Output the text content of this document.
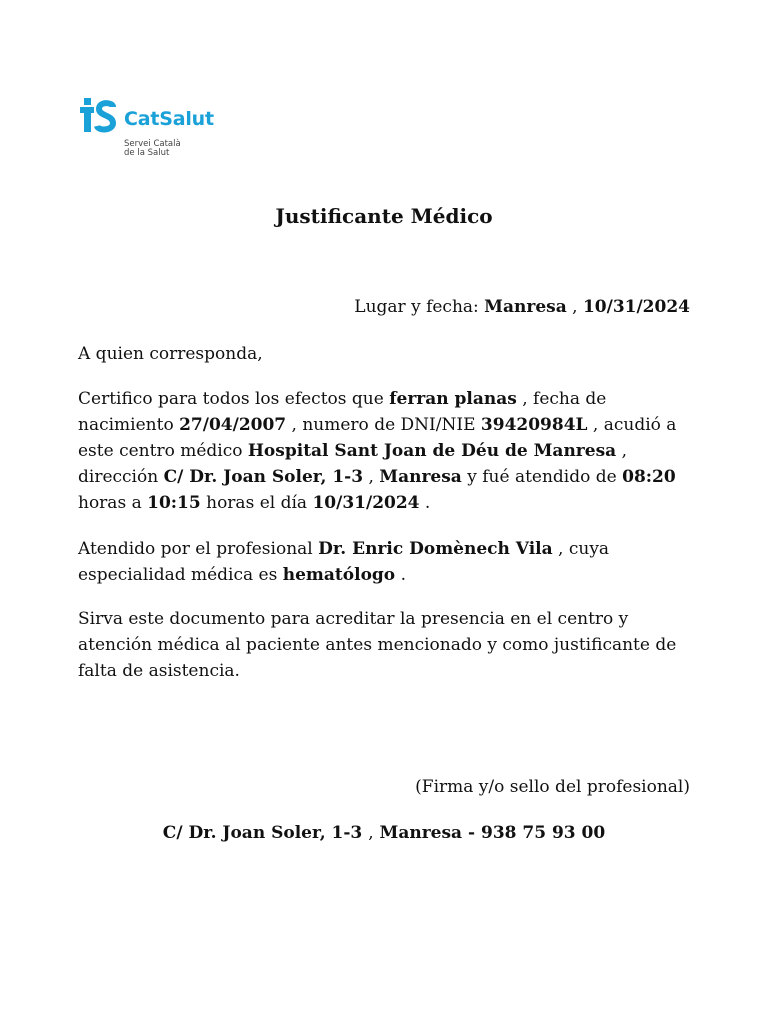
CatSalut
Servei Català
de la Salut
Justificante Médico
Lugar y fecha: Manresa , 10/31/2024
A quien corresponda,
Certifico para todos los efectos que ferran planas , fecha de nacimiento 27/04/2007 , numero de DNI/NIE 39420984L , acudió a este centro médico Hospital Sant Joan de Déu de Manresa , dirección C/ Dr. Joan Soler, 1-3 , Manresa y fué atendido de 08:20 horas a 10:15 horas el día 10/31/2024 .
Atendido por el profesional Dr. Enric Domènech Vila , cuya especialidad médica es hematólogo .
Sirva este documento para acreditar la presencia en el centro y atención médica al paciente antes mencionado y como justificante de falta de asistencia.
(Firma y/o sello del profesional)
C/ Dr. Joan Soler, 1-3 , Manresa - 938 75 93 00
